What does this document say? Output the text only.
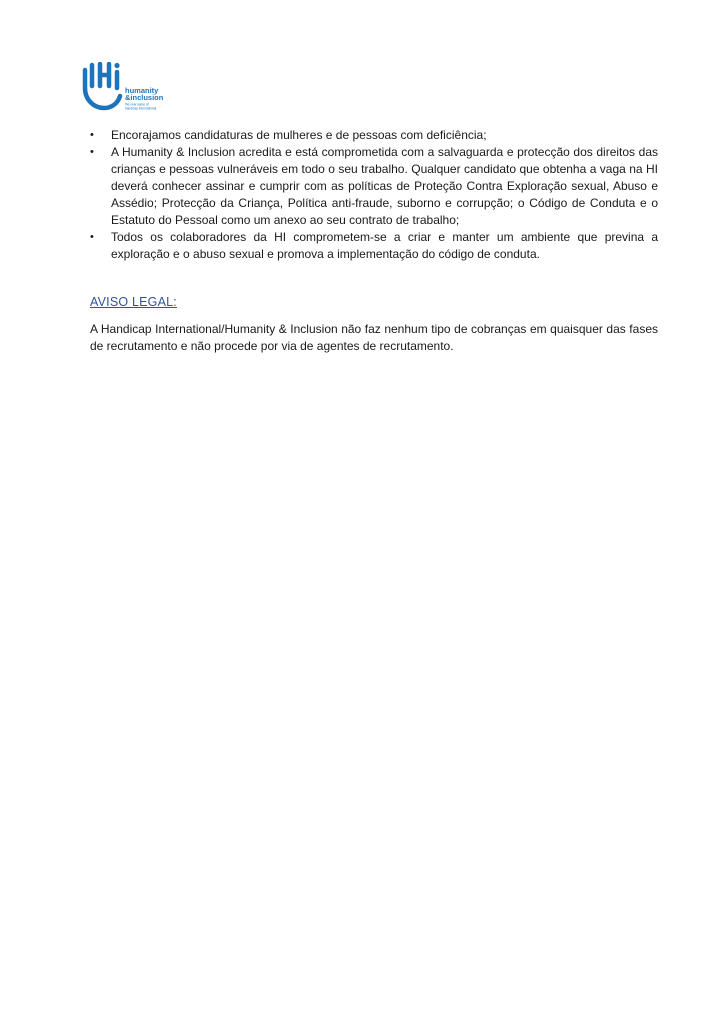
humanity
&inclusion
the new name of
handicap international
• Encorajamos candidaturas de mulheres e de pessoas com deficiência;
• A Humanity & Inclusion acredita e está comprometida com a salvaguarda e protecção dos direitos das crianças e pessoas vulneráveis em todo o seu trabalho. Qualquer candidato que obtenha a vaga na HI deverá conhecer assinar e cumprir com as políticas de Proteção Contra Exploração sexual, Abuso e Assédio; Protecção da Criança, Política anti-fraude, suborno e corrupção; o Código de Conduta e o Estatuto do Pessoal como um anexo ao seu contrato de trabalho;
• Todos os colaboradores da HI comprometem-se a criar e manter um ambiente que previna a exploração e o abuso sexual e promova a implementação do código de conduta.
AVISO LEGAL:
A Handicap International/Humanity & Inclusion não faz nenhum tipo de cobranças em quaisquer das fases de recrutamento e não procede por via de agentes de recrutamento.
